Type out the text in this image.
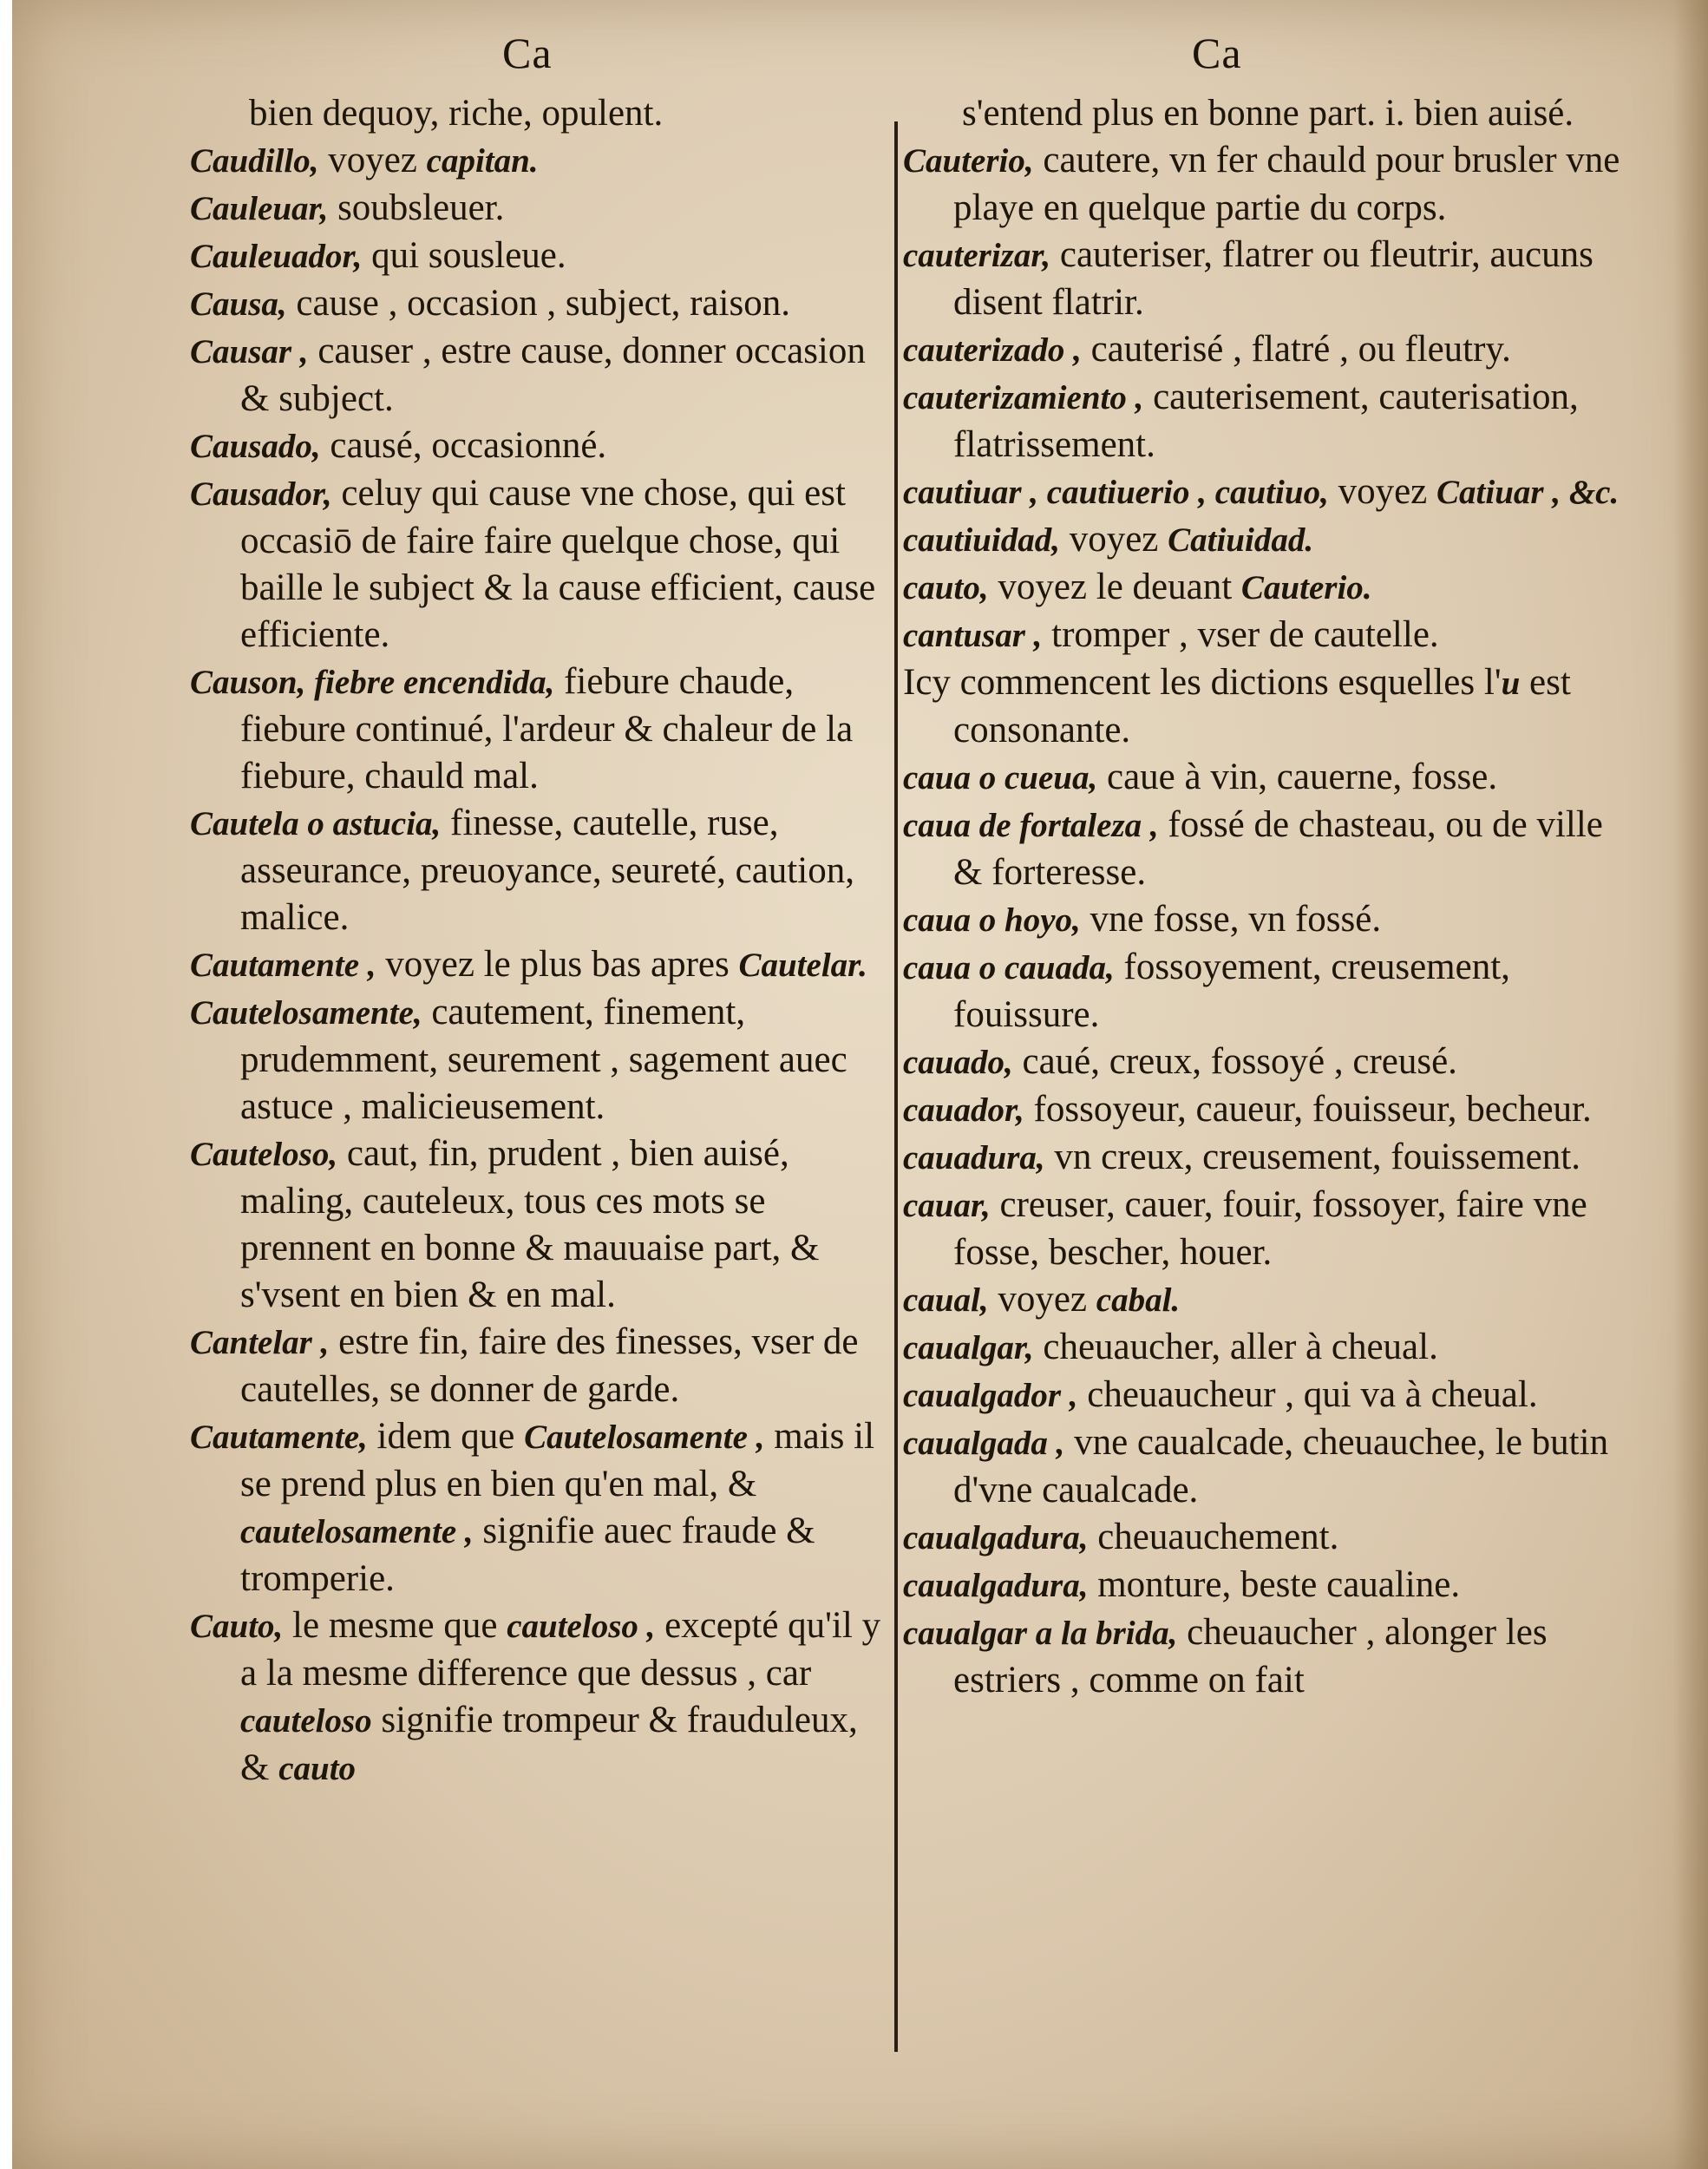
Ca	Ca

bien dequoy, riche, opulent.

Caudillo, voyez capitan.

Cauleuar, soubsleuer.

Cauleuador, qui sousleue.

Causa, cause , occasion , subject, raison.

Causar , causer , estre cause, donner occasion & subject.

Causado, causé, occasionné.

Causador, celuy qui cause vne chose, qui est occasiō de faire faire quelque chose, qui baille le subject & la cause efficient, cause efficiente.

Causon, fiebre encendida, fiebure chaude, fiebure continué, l'ardeur & chaleur de la fiebure, chauld mal.

Cautela o astucia, finesse, cautelle, ruse, asseurance, preuoyance, seureté, caution, malice.

Cautamente , voyez le plus bas apres Cautelar.

Cautelosamente, cautement, finement, prudemment, seurement , sagement auec astuce , malicieusement.

Cauteloso, caut, fin, prudent , bien auisé, maling, cauteleux, tous ces mots se prennent en bonne & mauuaise part, & s'vsent en bien & en mal.

Cantelar , estre fin, faire des finesses, vser de cautelles, se donner de garde.

Cautamente, idem que Cautelosamente , mais il se prend plus en bien qu'en mal, & cautelosamente , signifie auec fraude & tromperie.

Cauto, le mesme que cauteloso , excepté qu'il y a la mesme difference que dessus , car cauteloso signifie trompeur & frauduleux, & cauto

s'entend plus en bonne part. i. bien auisé.

Cauterio, cautere, vn fer chauld pour brusler vne playe en quelque partie du corps.

cauterizar, cauteriser, flatrer ou fleutrir, aucuns disent flatrir.

cauterizado , cauterisé , flatré , ou fleutry.

cauterizamiento , cauterisement, cauterisation, flatrissement.

cautiuar , cautiuerio , cautiuo, voyez Catiuar , &c.

cautiuidad, voyez Catiuidad.

cauto, voyez le deuant Cauterio.

cantusar , tromper , vser de cautelle.

Icy commencent les dictions esquelles l'u est consonante.

caua o cueua, caue à vin, cauerne, fosse.

caua de fortaleza , fossé de chasteau, ou de ville & forteresse.

caua o hoyo, vne fosse, vn fossé.

caua o cauada, fossoyement, creusement, fouissure.

cauado, caué, creux, fossoyé , creusé.

cauador, fossoyeur, caueur, fouisseur, becheur.

cauadura, vn creux, creusement, fouissement.

cauar, creuser, cauer, fouir, fossoyer, faire vne fosse, bescher, houer.

caual, voyez cabal.

caualgar, cheuaucher, aller à cheual.

caualgador , cheuaucheur , qui va à cheual.

caualgada , vne caualcade, cheuauchee, le butin d'vne caualcade.

caualgadura, cheuauchement.

caualgadura, monture, beste caualine.

caualgar a la brida, cheuaucher , alonger les estriers , comme on fait
